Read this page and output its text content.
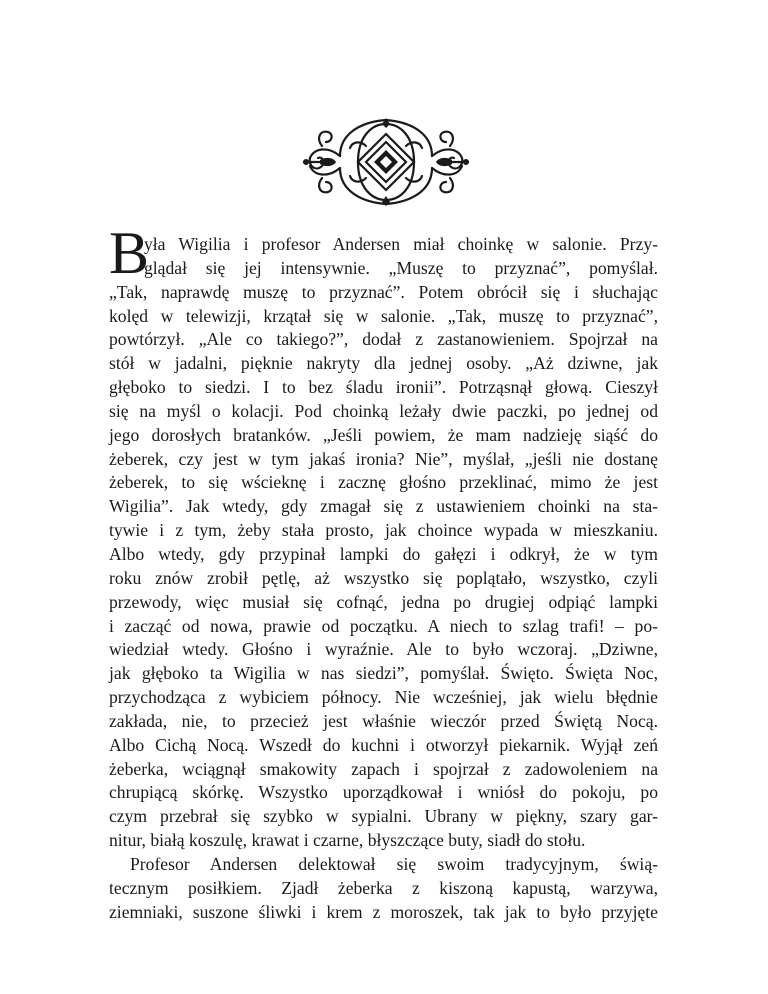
B
yła Wigilia i profesor Andersen miał choinkę w salonie. Przy-
glądał się jej intensywnie. „Muszę to przyznać”, pomyślał.
„Tak, naprawdę muszę to przyznać”. Potem obrócił się i słuchając
kolęd w telewizji, krzątał się w salonie. „Tak, muszę to przyznać”,
powtórzył. „Ale co takiego?”, dodał z zastanowieniem. Spojrzał na
stół w jadalni, pięknie nakryty dla jednej osoby. „Aż dziwne, jak
głęboko to siedzi. I to bez śladu ironii”. Potrząsnął głową. Cieszył
się na myśl o kolacji. Pod choinką leżały dwie paczki, po jednej od
jego dorosłych bratanków. „Jeśli powiem, że mam nadzieję siąść do
żeberek, czy jest w tym jakaś ironia? Nie”, myślał, „jeśli nie dostanę
żeberek, to się wścieknę i zacznę głośno przeklinać, mimo że jest
Wigilia”. Jak wtedy, gdy zmagał się z ustawieniem choinki na sta-
tywie i z tym, żeby stała prosto, jak choince wypada w mieszkaniu.
Albo wtedy, gdy przypinał lampki do gałęzi i odkrył, że w tym
roku znów zrobił pętlę, aż wszystko się poplątało, wszystko, czyli
przewody, więc musiał się cofnąć, jedna po drugiej odpiąć lampki
i zacząć od nowa, prawie od początku. A niech to szlag trafi! – po-
wiedział wtedy. Głośno i wyraźnie. Ale to było wczoraj. „Dziwne,
jak głęboko ta Wigilia w nas siedzi”, pomyślał. Święto. Święta Noc,
przychodząca z wybiciem północy. Nie wcześniej, jak wielu błędnie
zakłada, nie, to przecież jest właśnie wieczór przed Świętą Nocą.
Albo Cichą Nocą. Wszedł do kuchni i otworzył piekarnik. Wyjął zeń
żeberka, wciągnął smakowity zapach i spojrzał z zadowoleniem na
chrupiącą skórkę. Wszystko uporządkował i wniósł do pokoju, po
czym przebrał się szybko w sypialni. Ubrany w piękny, szary gar-
nitur, białą koszulę, krawat i czarne, błyszczące buty, siadł do stołu.
Profesor Andersen delektował się swoim tradycyjnym, świą-
tecznym posiłkiem. Zjadł żeberka z kiszoną kapustą, warzywa,
ziemniaki, suszone śliwki i krem z moroszek, tak jak to było przyjęte
